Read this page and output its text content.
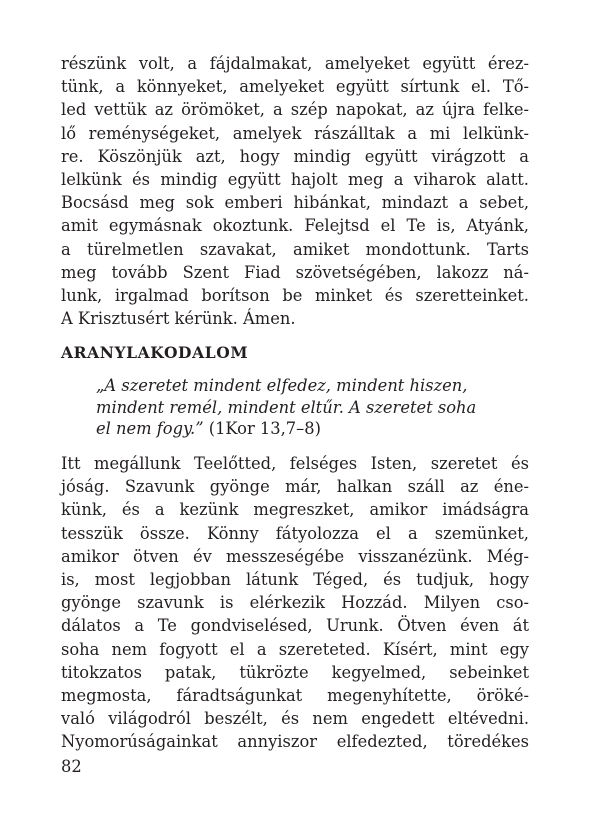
részünk volt, a fájdalmakat, amelyeket együtt érez-
tünk, a könnyeket, amelyeket együtt sírtunk el. Tő-
led vettük az örömöket, a szép napokat, az újra felke-
lő reménységeket, amelyek rászálltak a mi lelkünk-
re. Köszönjük azt, hogy mindig együtt virágzott a
lelkünk és mindig együtt hajolt meg a viharok alatt.
Bocsásd meg sok emberi hibánkat, mindazt a sebet,
amit egymásnak okoztunk. Felejtsd el Te is, Atyánk,
a türelmetlen szavakat, amiket mondottunk. Tarts
meg tovább Szent Fiad szövetségében, lakozz ná-
lunk, irgalmad borítson be minket és szeretteinket.
A Krisztusért kérünk. Ámen.
ARANYLAKODALOM
„A szeretet mindent elfedez, mindent hiszen,
mindent remél, mindent eltűr. A szeretet soha
el nem fogy.” (1Kor 13,7–8)
Itt megállunk Teelőtted, felséges Isten, szeretet és
jóság. Szavunk gyönge már, halkan száll az éne-
künk, és a kezünk megreszket, amikor imádságra
tesszük össze. Könny fátyolozza el a szemünket,
amikor ötven év messzeségébe visszanézünk. Még-
is, most legjobban látunk Téged, és tudjuk, hogy
gyönge szavunk is elérkezik Hozzád. Milyen cso-
dálatos a Te gondviselésed, Urunk. Ötven éven át
soha nem fogyott el a szereteted. Kísért, mint egy
titokzatos patak, tükrözte kegyelmed, sebeinket
megmosta, fáradtságunkat megenyhítette, öröké-
való világodról beszélt, és nem engedett eltévedni.
Nyomorúságainkat annyiszor elfedezted, töredékes
82
